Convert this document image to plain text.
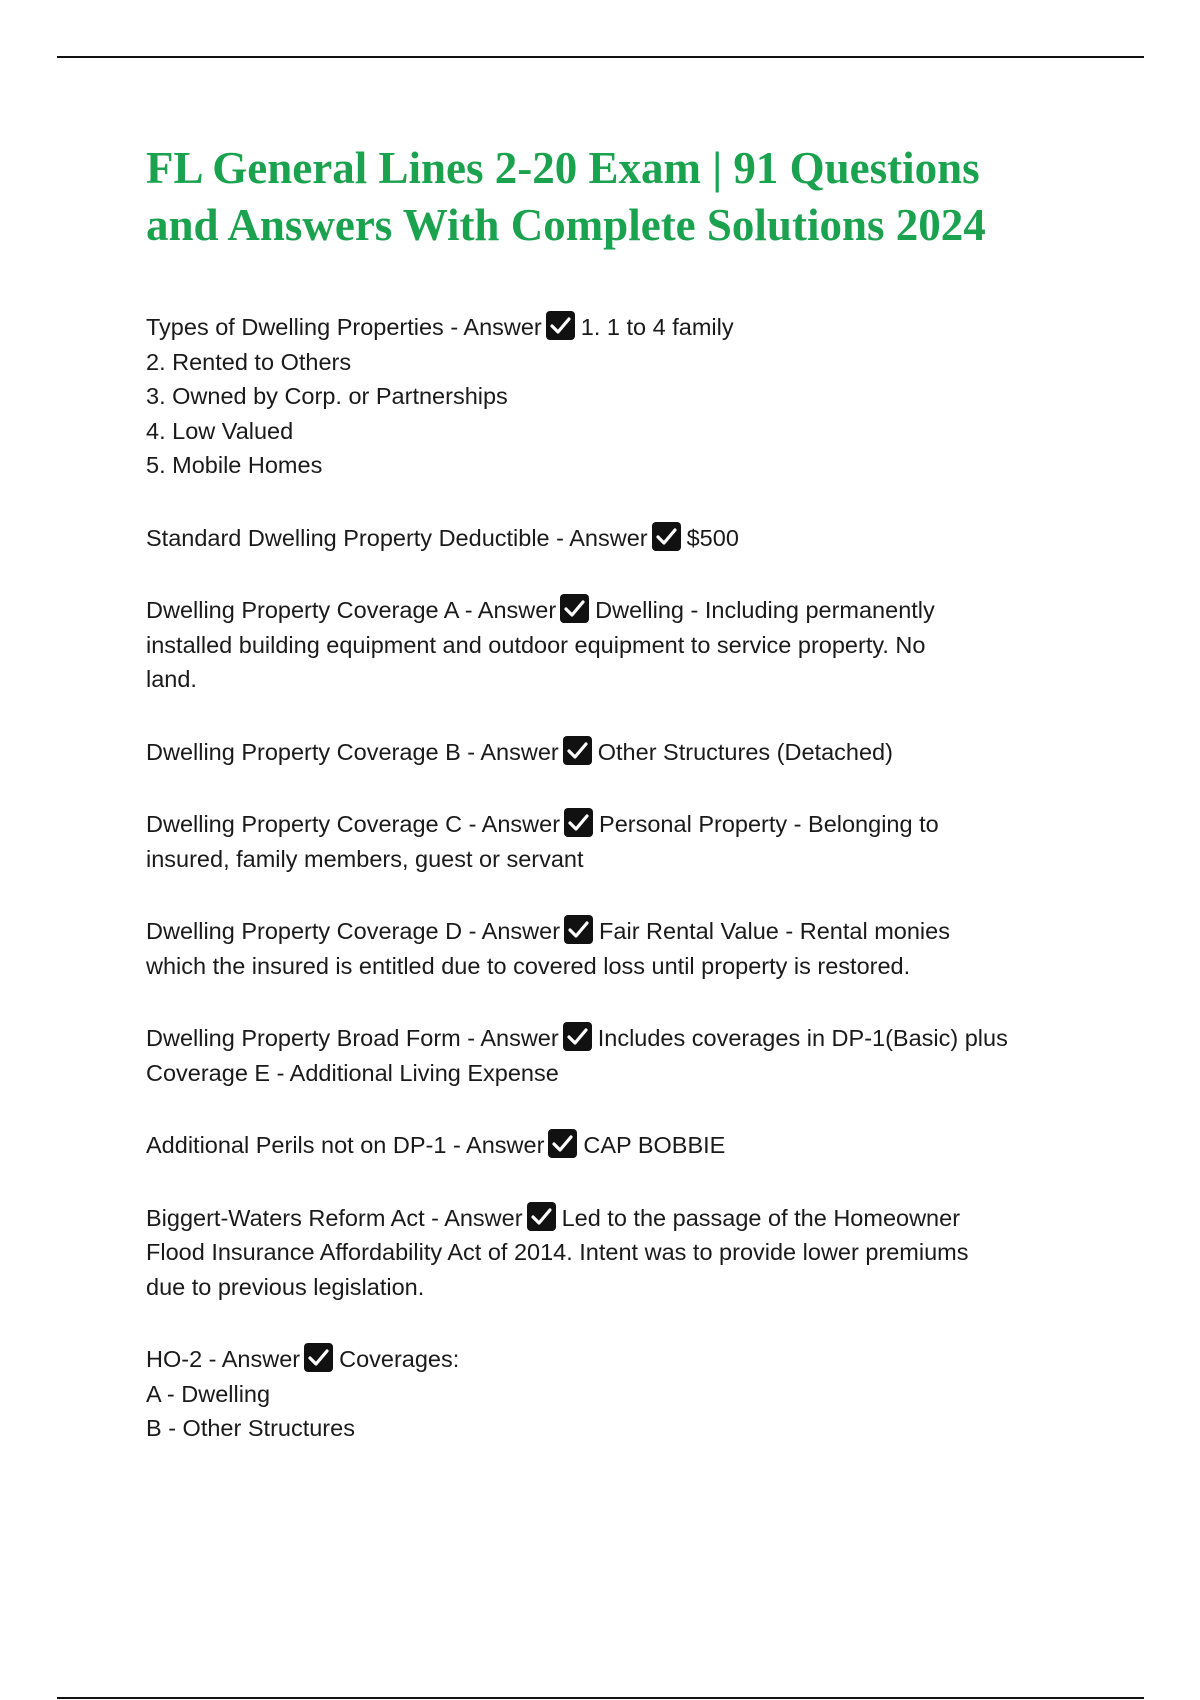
FL General Lines 2-20 Exam | 91 Questions
and Answers With Complete Solutions 2024
Types of Dwelling Properties - Answer 1. 1 to 4 family
2. Rented to Others
3. Owned by Corp. or Partnerships
4. Low Valued
5. Mobile Homes
Standard Dwelling Property Deductible - Answer $500
Dwelling Property Coverage A - Answer Dwelling - Including permanently
installed building equipment and outdoor equipment to service property. No
land.
Dwelling Property Coverage B - Answer Other Structures (Detached)
Dwelling Property Coverage C - Answer Personal Property - Belonging to
insured, family members, guest or servant
Dwelling Property Coverage D - Answer Fair Rental Value - Rental monies
which the insured is entitled due to covered loss until property is restored.
Dwelling Property Broad Form - Answer Includes coverages in DP-1(Basic) plus
Coverage E - Additional Living Expense
Additional Perils not on DP-1 - Answer CAP BOBBIE
Biggert-Waters Reform Act - Answer Led to the passage of the Homeowner
Flood Insurance Affordability Act of 2014. Intent was to provide lower premiums
due to previous legislation.
HO-2 - Answer Coverages:
A - Dwelling
B - Other Structures
